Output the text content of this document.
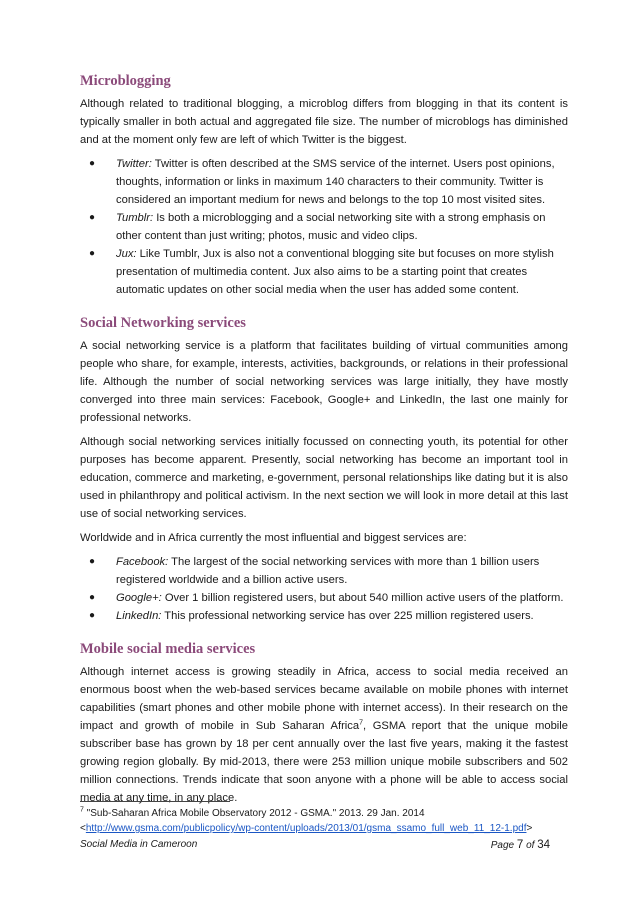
Microblogging

Although related to traditional blogging, a microblog differs from blogging in that its content is typically smaller in both actual and aggregated file size. The number of microblogs has diminished and at the moment only few are left of which Twitter is the biggest.

● Twitter: Twitter is often described at the SMS service of the internet. Users post opinions, thoughts, information or links in maximum 140 characters to their community. Twitter is considered an important medium for news and belongs to the top 10 most visited sites.
● Tumblr: Is both a microblogging and a social networking site with a strong emphasis on other content than just writing; photos, music and video clips.
● Jux: Like Tumblr, Jux is also not a conventional blogging site but focuses on more stylish presentation of multimedia content. Jux also aims to be a starting point that creates automatic updates on other social media when the user has added some content.
Social Networking services

A social networking service is a platform that facilitates building of virtual communities among people who share, for example, interests, activities, backgrounds, or relations in their professional life. Although the number of social networking services was large initially, they have mostly converged into three main services: Facebook, Google+ and LinkedIn, the last one mainly for professional networks.

Although social networking services initially focussed on connecting youth, its potential for other purposes has become apparent. Presently, social networking has become an important tool in education, commerce and marketing, e-government, personal relationships like dating but it is also used in philanthropy and political activism. In the next section we will look in more detail at this last use of social networking services.

Worldwide and in Africa currently the most influential and biggest services are:

● Facebook: The largest of the social networking services with more than 1 billion users registered worldwide and a billion active users.
● Google+: Over 1 billion registered users, but about 540 million active users of the platform.
● LinkedIn: This professional networking service has over 225 million registered users.
Mobile social media services

Although internet access is growing steadily in Africa, access to social media received an enormous boost when the web-based services became available on mobile phones with internet capabilities (smart phones and other mobile phone with internet access). In their research on the impact and growth of mobile in Sub Saharan Africa$^7$, GSMA report that the unique mobile subscriber base has grown by 18 per cent annually over the last five years, making it the fastest growing region globally. By mid-2013, there were 253 million unique mobile subscribers and 502 million connections. Trends indicate that soon anyone with a phone will be able to access social media at any time, in any place.

$^7$ "Sub-Saharan Africa Mobile Observatory 2012 - GSMA." 2013. 29 Jan. 2014
<http://www.gsma.com/publicpolicy/wp-content/uploads/2013/01/gsma_ssamo_full_web_11_12-1.pdf>
Social Media in Cameroon	Page 7 of 34
